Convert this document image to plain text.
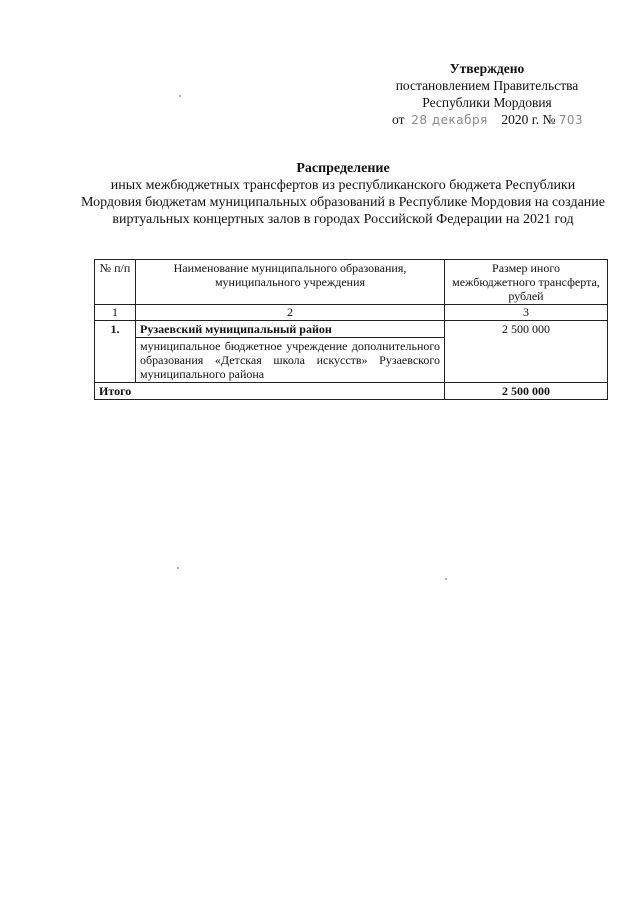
Утверждено
постановлением Правительства
Республики Мордовия
от 28 декабря 2020 г. № 703
Распределение
иных межбюджетных трансфертов из республиканского бюджета Республики Мордовия бюджетам муниципальных образований в Республике Мордовия на создание виртуальных концертных залов в городах Российской Федерации на 2021 год
№ п/п	Наименование муниципального образования, муниципального учреждения	Размер иного межбюджетного трансферта, рублей
1	2	3
1.	Рузаевский муниципальный район	2 500 000
	муниципальное бюджетное учреждение дополнительного образования «Детская школа искусств» Рузаевского муниципального района	
Итого		2 500 000
